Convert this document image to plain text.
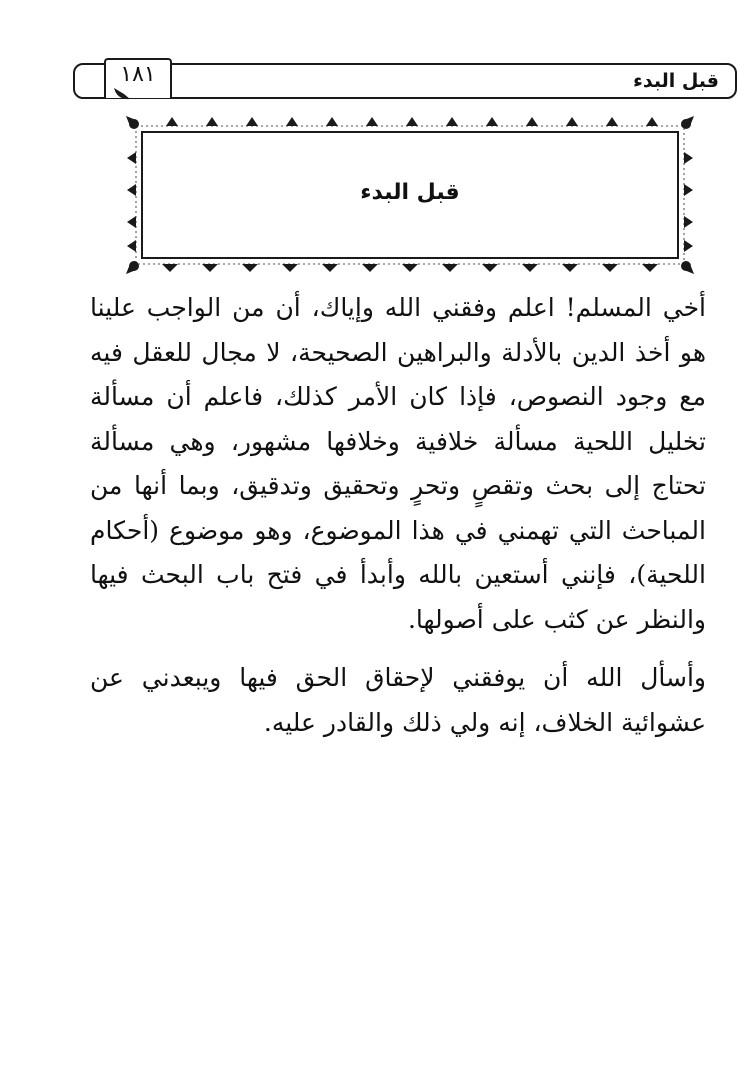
قبل البدء
١٨١
قبل البدء

أخي المسلم! اعلم وفقني الله وإياك، أن من الواجب علينا هو أخذ الدين بالأدلة والبراهين الصحيحة، لا مجال للعقل فيه مع وجود النصوص، فإذا كان الأمر كذلك، فاعلم أن مسألة تخليل اللحية مسألة خلافية وخلافها مشهور، وهي مسألة تحتاج إلى بحث وتقصٍ وتحرٍ وتحقيق وتدقيق، وبما أنها من المباحث التي تهمني في هذا الموضوع، وهو موضوع (أحكام اللحية)، فإنني أستعين بالله وأبدأ في فتح باب البحث فيها والنظر عن كثب على أصولها.

وأسأل الله أن يوفقني لإحقاق الحق فيها ويبعدني عن عشوائية الخلاف، إنه ولي ذلك والقادر عليه.
